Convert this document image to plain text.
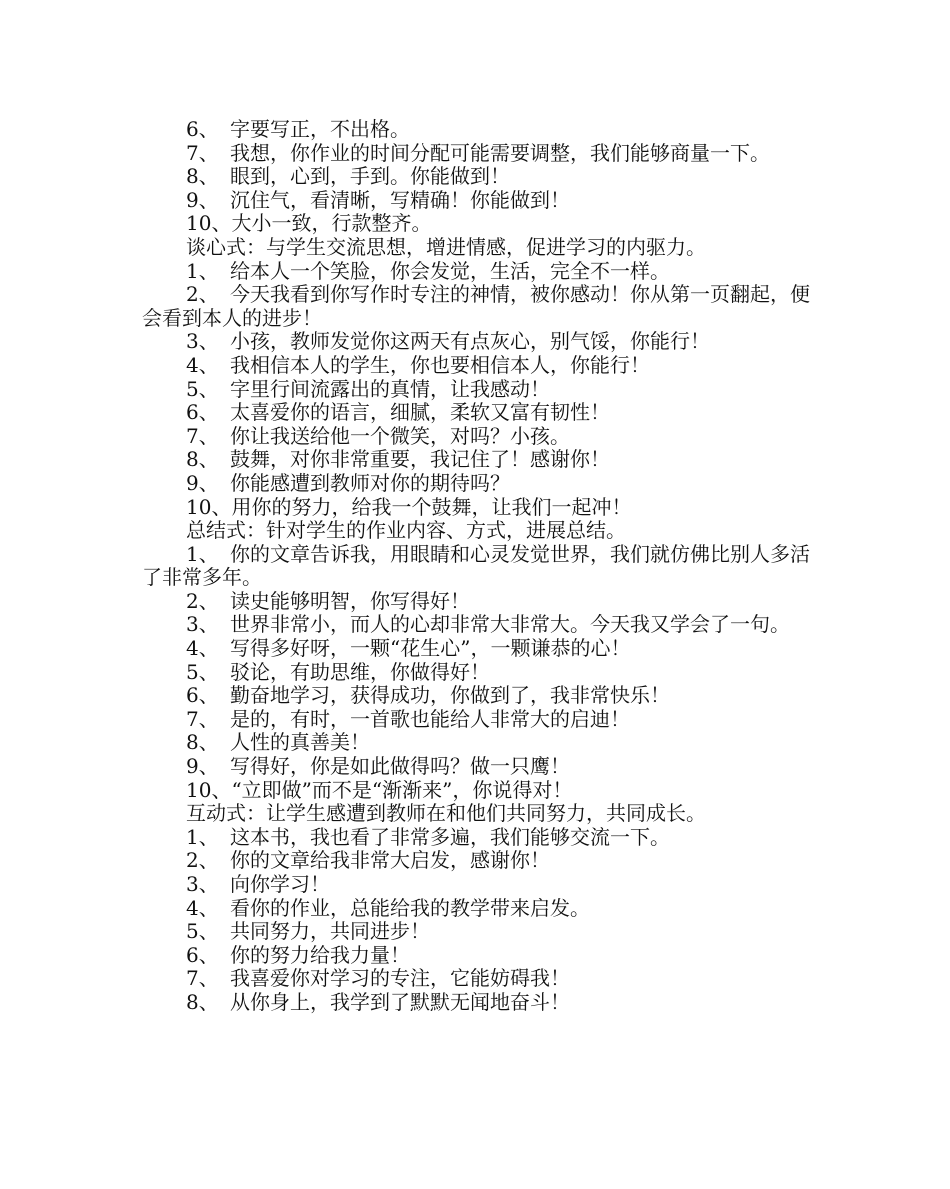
6、 字要写正，不出格。

7、 我想，你作业的时间分配可能需要调整，我们能够商量一下。

8、 眼到，心到，手到。你能做到！

9、 沉住气，看清晰，写精确！你能做到！

10、大小一致，行款整齐。

谈心式：与学生交流思想，增进情感，促进学习的内驱力。

1、 给本人一个笑脸，你会发觉，生活，完全不一样。

2、 今天我看到你写作时专注的神情，被你感动！你从第一页翻起，便会看到本人的进步！

3、 小孩，教师发觉你这两天有点灰心，别气馁，你能行！

4、 我相信本人的学生，你也要相信本人，你能行！

5、 字里行间流露出的真情，让我感动！

6、 太喜爱你的语言，细腻，柔软又富有韧性！

7、 你让我送给他一个微笑，对吗？小孩。

8、 鼓舞，对你非常重要，我记住了！感谢你！

9、 你能感遭到教师对你的期待吗？

10、用你的努力，给我一个鼓舞，让我们一起冲！

总结式：针对学生的作业内容、方式，进展总结。

1、 你的文章告诉我，用眼睛和心灵发觉世界，我们就仿佛比别人多活了非常多年。

2、 读史能够明智，你写得好！

3、 世界非常小，而人的心却非常大非常大。今天我又学会了一句。

4、 写得多好呀，一颗“花生心”，一颗谦恭的心！

5、 驳论，有助思维，你做得好！

6、 勤奋地学习，获得成功，你做到了，我非常快乐！

7、 是的，有时，一首歌也能给人非常大的启迪！

8、 人性的真善美！

9、 写得好，你是如此做得吗？做一只鹰！

10、“立即做”而不是“渐渐来”，你说得对！

互动式：让学生感遭到教师在和他们共同努力，共同成长。

1、 这本书，我也看了非常多遍，我们能够交流一下。

2、 你的文章给我非常大启发，感谢你！

3、 向你学习！

4、 看你的作业，总能给我的教学带来启发。

5、 共同努力，共同进步！

6、 你的努力给我力量！

7、 我喜爱你对学习的专注，它能妨碍我！

8、 从你身上，我学到了默默无闻地奋斗！
